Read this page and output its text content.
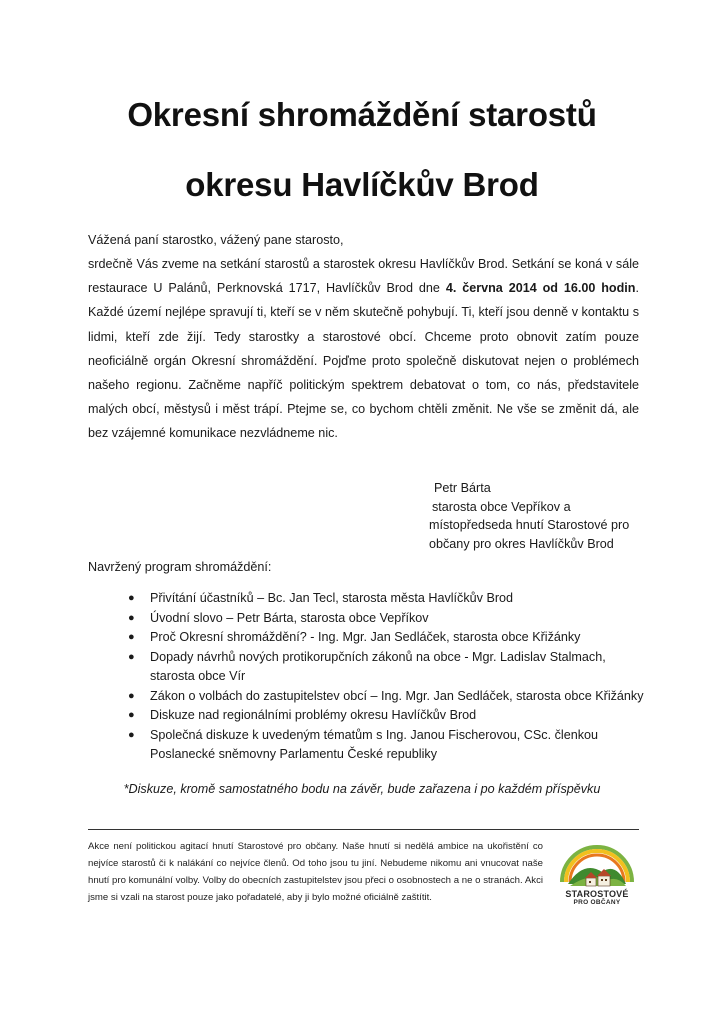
Okresní shromáždění starostů
okresu Havlíčkův Brod
Vážená paní starostko, vážený pane starosto,
srdečně Vás zveme na setkání starostů a starostek okresu Havlíčkův Brod. Setkání se koná v sále restaurace U Palánů, Perknovská 1717, Havlíčkův Brod dne 4. června 2014 od 16.00 hodin. Každé území nejlépe spravují ti, kteří se v něm skutečně pohybují. Ti, kteří jsou denně v kontaktu s lidmi, kteří zde žijí. Tedy starostky a starostové obcí. Chceme proto obnovit zatím pouze neoficiálně orgán Okresní shromáždění. Pojďme proto společně diskutovat nejen o problémech našeho regionu. Začněme napříč politickým spektrem debatovat o tom, co nás, představitele malých obcí, městysů i měst trápí. Ptejme se, co bychom chtěli změnit. Ne vše se změnit dá, ale bez vzájemné komunikace nezvládneme nic.
Petr Bárta
starosta obce Vepříkov a
místopředseda hnutí Starostové pro
občany pro okres Havlíčkův Brod
Navržený program shromáždění:
● Přivítání účastníků – Bc. Jan Tecl, starosta města Havlíčkův Brod
● Úvodní slovo – Petr Bárta, starosta obce Vepříkov
● Proč Okresní shromáždění? - Ing. Mgr. Jan Sedláček, starosta obce Křižánky
● Dopady návrhů nových protikorupčních zákonů na obce - Mgr. Ladislav Stalmach, starosta obce Vír
● Zákon o volbách do zastupitelstev obcí – Ing. Mgr. Jan Sedláček, starosta obce Křižánky
● Diskuze nad regionálními problémy okresu Havlíčkův Brod
● Společná diskuze k uvedeným tématům s Ing. Janou Fischerovou, CSc. členkou Poslanecké sněmovny Parlamentu České republiky
*Diskuze, kromě samostatného bodu na závěr, bude zařazena i po každém příspěvku
Akce není politickou agitací hnutí Starostové pro občany. Naše hnutí si nedělá ambice na ukořistění co nejvíce starostů či k nalákání co nejvíce členů. Od toho jsou tu jiní. Nebudeme nikomu ani vnucovat naše hnutí pro komunální volby. Volby do obecních zastupitelstev jsou přeci o osobnostech a ne o stranách. Akci jsme si vzali na starost pouze jako pořadatelé, aby ji bylo možné oficiálně zaštítit.	STAROSTOVÉ
PRO OBČANY
